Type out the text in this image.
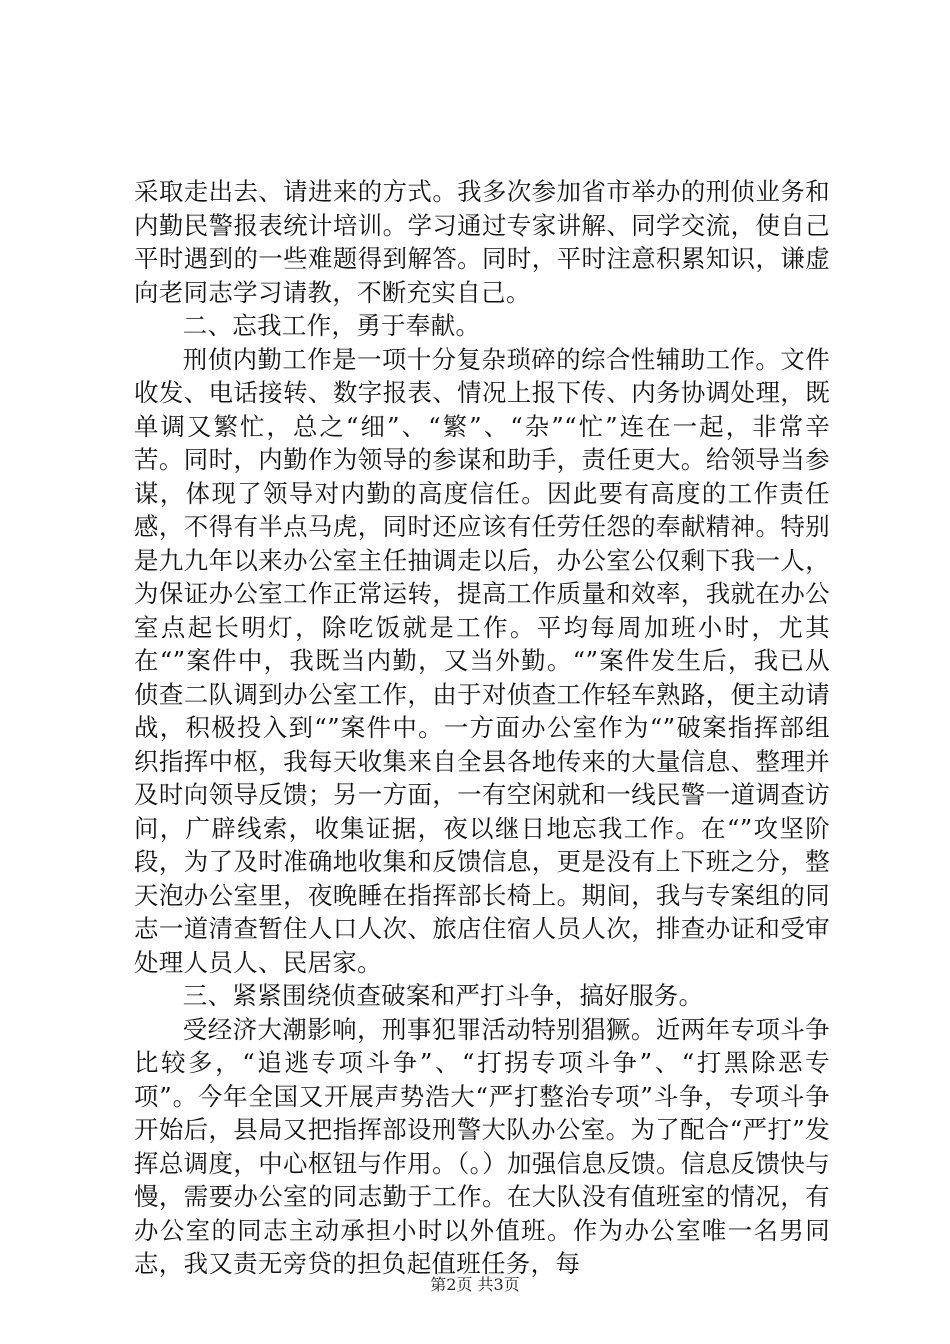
采取走出去、请进来的方式。我多次参加省市举办的刑侦业务和内勤民警报表统计培训。学习通过专家讲解、同学交流，使自己平时遇到的一些难题得到解答。同时，平时注意积累知识，谦虚向老同志学习请教，不断充实自己。

二、忘我工作，勇于奉献。

刑侦内勤工作是一项十分复杂琐碎的综合性辅助工作。文件收发、电话接转、数字报表、情况上报下传、内务协调处理，既单调又繁忙，总之“细”、“繁”、“杂”“忙”连在一起，非常辛苦。同时，内勤作为领导的参谋和助手，责任更大。给领导当参谋，体现了领导对内勤的高度信任。因此要有高度的工作责任感，不得有半点马虎，同时还应该有任劳任怨的奉献精神。特别是九九年以来办公室主任抽调走以后，办公室公仅剩下我一人，为保证办公室工作正常运转，提高工作质量和效率，我就在办公室点起长明灯，除吃饭就是工作。平均每周加班小时，尤其在“”案件中，我既当内勤，又当外勤。“”案件发生后，我已从侦查二队调到办公室工作，由于对侦查工作轻车熟路，便主动请战，积极投入到“”案件中。一方面办公室作为“”破案指挥部组织指挥中枢，我每天收集来自全县各地传来的大量信息、整理并及时向领导反馈；另一方面，一有空闲就和一线民警一道调查访问，广辟线索，收集证据，夜以继日地忘我工作。在“”攻坚阶段，为了及时准确地收集和反馈信息，更是没有上下班之分，整天泡办公室里，夜晚睡在指挥部长椅上。期间，我与专案组的同志一道清查暂住人口人次、旅店住宿人员人次，排查办证和受审处理人员人、民居家。

三、紧紧围绕侦查破案和严打斗争，搞好服务。

受经济大潮影响，刑事犯罪活动特别猖獗。近两年专项斗争比较多，“追逃专项斗争”、“打拐专项斗争”、“打黑除恶专项”。今年全国又开展声势浩大“严打整治专项”斗争，专项斗争开始后，县局又把指挥部设刑警大队办公室。为了配合“严打”发挥总调度，中心枢钮与作用。（。）加强信息反馈。信息反馈快与慢，需要办公室的同志勤于工作。在大队没有值班室的情况，有办公室的同志主动承担小时以外值班。作为办公室唯一名男同志，我又责无旁贷的担负起值班任务，每

第2页 共3页
